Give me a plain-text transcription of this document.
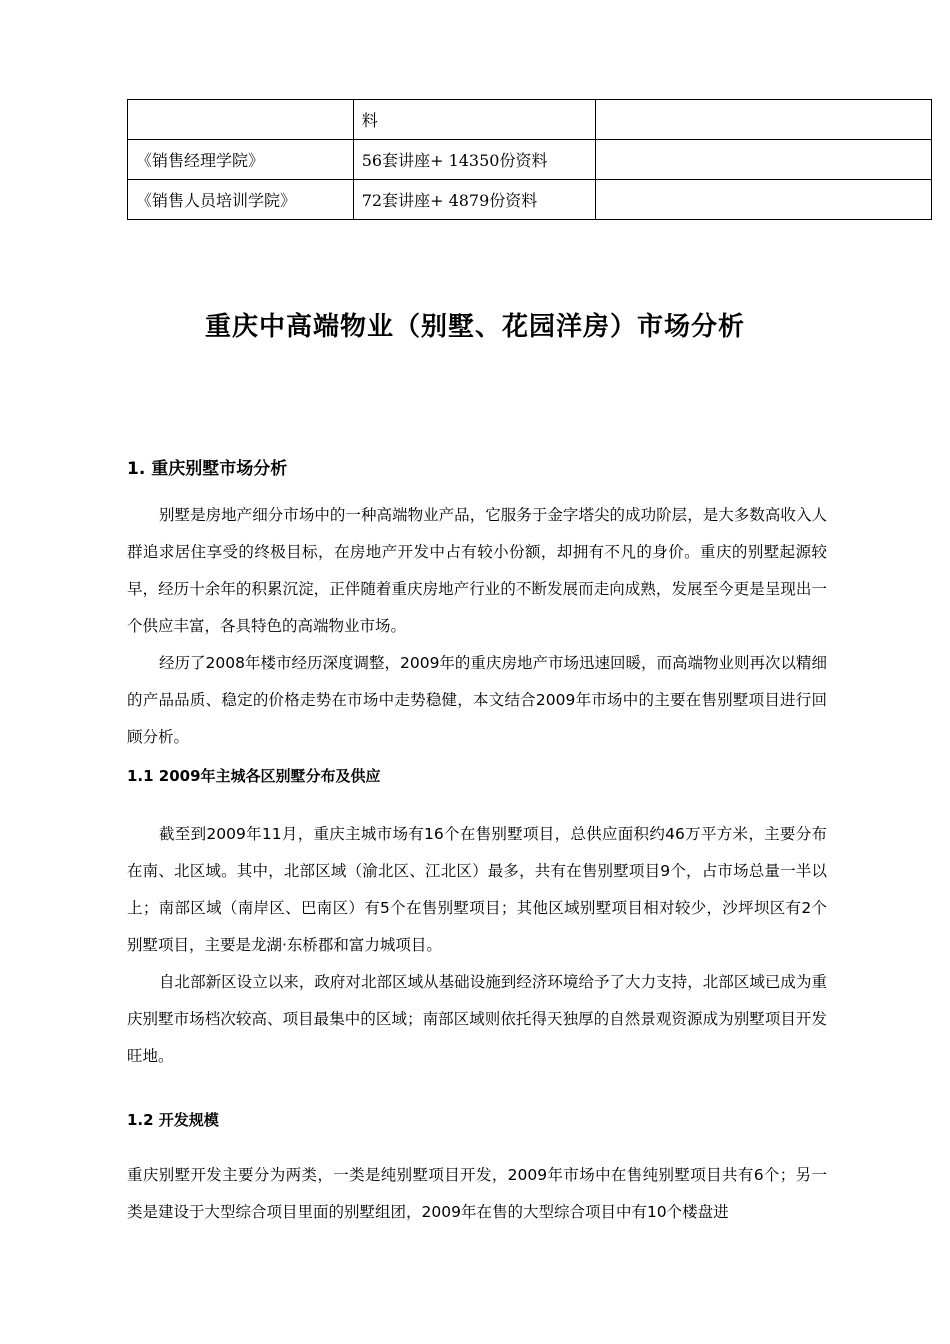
	料	
《销售经理学院》	56套讲座+ 14350份资料	
《销售人员培训学院》	72套讲座+ 4879份资料	
重庆中高端物业（别墅、花园洋房）市场分析
1. 重庆别墅市场分析

别墅是房地产细分市场中的一种高端物业产品，它服务于金字塔尖的成功阶层，是大多数高收入人群追求居住享受的终极目标，在房地产开发中占有较小份额，却拥有不凡的身价。重庆的别墅起源较早，经历十余年的积累沉淀，正伴随着重庆房地产行业的不断发展而走向成熟，发展至今更是呈现出一个供应丰富，各具特色的高端物业市场。

经历了2008年楼市经历深度调整，2009年的重庆房地产市场迅速回暖，而高端物业则再次以精细的产品品质、稳定的价格走势在市场中走势稳健，本文结合2009年市场中的主要在售别墅项目进行回顾分析。

1.1 2009年主城各区别墅分布及供应

截至到2009年11月，重庆主城市场有16个在售别墅项目，总供应面积约46万平方米，主要分布在南、北区域。其中，北部区域（渝北区、江北区）最多，共有在售别墅项目9个，占市场总量一半以上；南部区域（南岸区、巴南区）有5个在售别墅项目；其他区域别墅项目相对较少，沙坪坝区有2个别墅项目，主要是龙湖·东桥郡和富力城项目。

自北部新区设立以来，政府对北部区域从基础设施到经济环境给予了大力支持，北部区域已成为重庆别墅市场档次较高、项目最集中的区域；南部区域则依托得天独厚的自然景观资源成为别墅项目开发旺地。

1.2 开发规模

重庆别墅开发主要分为两类，一类是纯别墅项目开发，2009年市场中在售纯别墅项目共有6个；另一类是建设于大型综合项目里面的别墅组团，2009年在售的大型综合项目中有10个楼盘进
